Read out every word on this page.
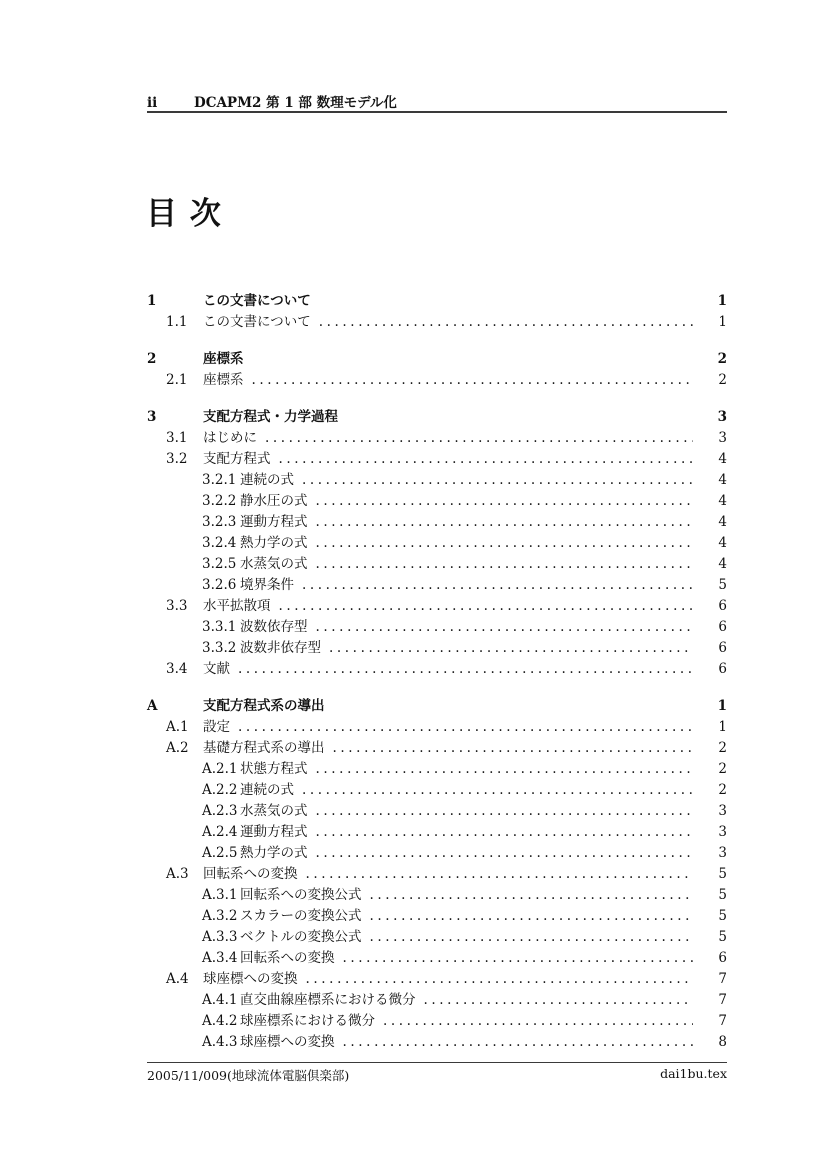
ii	DCAPM2 第 1 部 数理モデル化
目 次
1	この文書について	1
1.1	この文書について .....	1
2	座標系	2
2.1	座標系 .....	2
3	支配方程式・力学過程	3
3.1	はじめに .....	3
3.2	支配方程式 .....	4
3.2.1 連続の式 .....	4
3.2.2 静水圧の式 .....	4
3.2.3 運動方程式 .....	4
3.2.4 熱力学の式 .....	4
3.2.5 水蒸気の式 .....	4
3.2.6 境界条件 .....	5
3.3	水平拡散項 .....	6
3.3.1 波数依存型 .....	6
3.3.2 波数非依存型 .....	6
3.4	文献 .....	6
A	支配方程式系の導出	1
A.1	設定 .....	1
A.2	基礎方程式系の導出 .....	2
A.2.1 状態方程式 .....	2
A.2.2 連続の式 .....	2
A.2.3 水蒸気の式 .....	3
A.2.4 運動方程式 .....	3
A.2.5 熱力学の式 .....	3
A.3	回転系への変換 .....	5
A.3.1 回転系への変換公式 .....	5
A.3.2 スカラーの変換公式 .....	5
A.3.3 ベクトルの変換公式 .....	5
A.3.4 回転系への変換 .....	6
A.4	球座標への変換 .....	7
A.4.1 直交曲線座標系における微分 .....	7
A.4.2 球座標系における微分 .....	7
A.4.3 球座標への変換 .....	8
2005/11/009(地球流体電脳倶楽部)	dai1bu.tex
